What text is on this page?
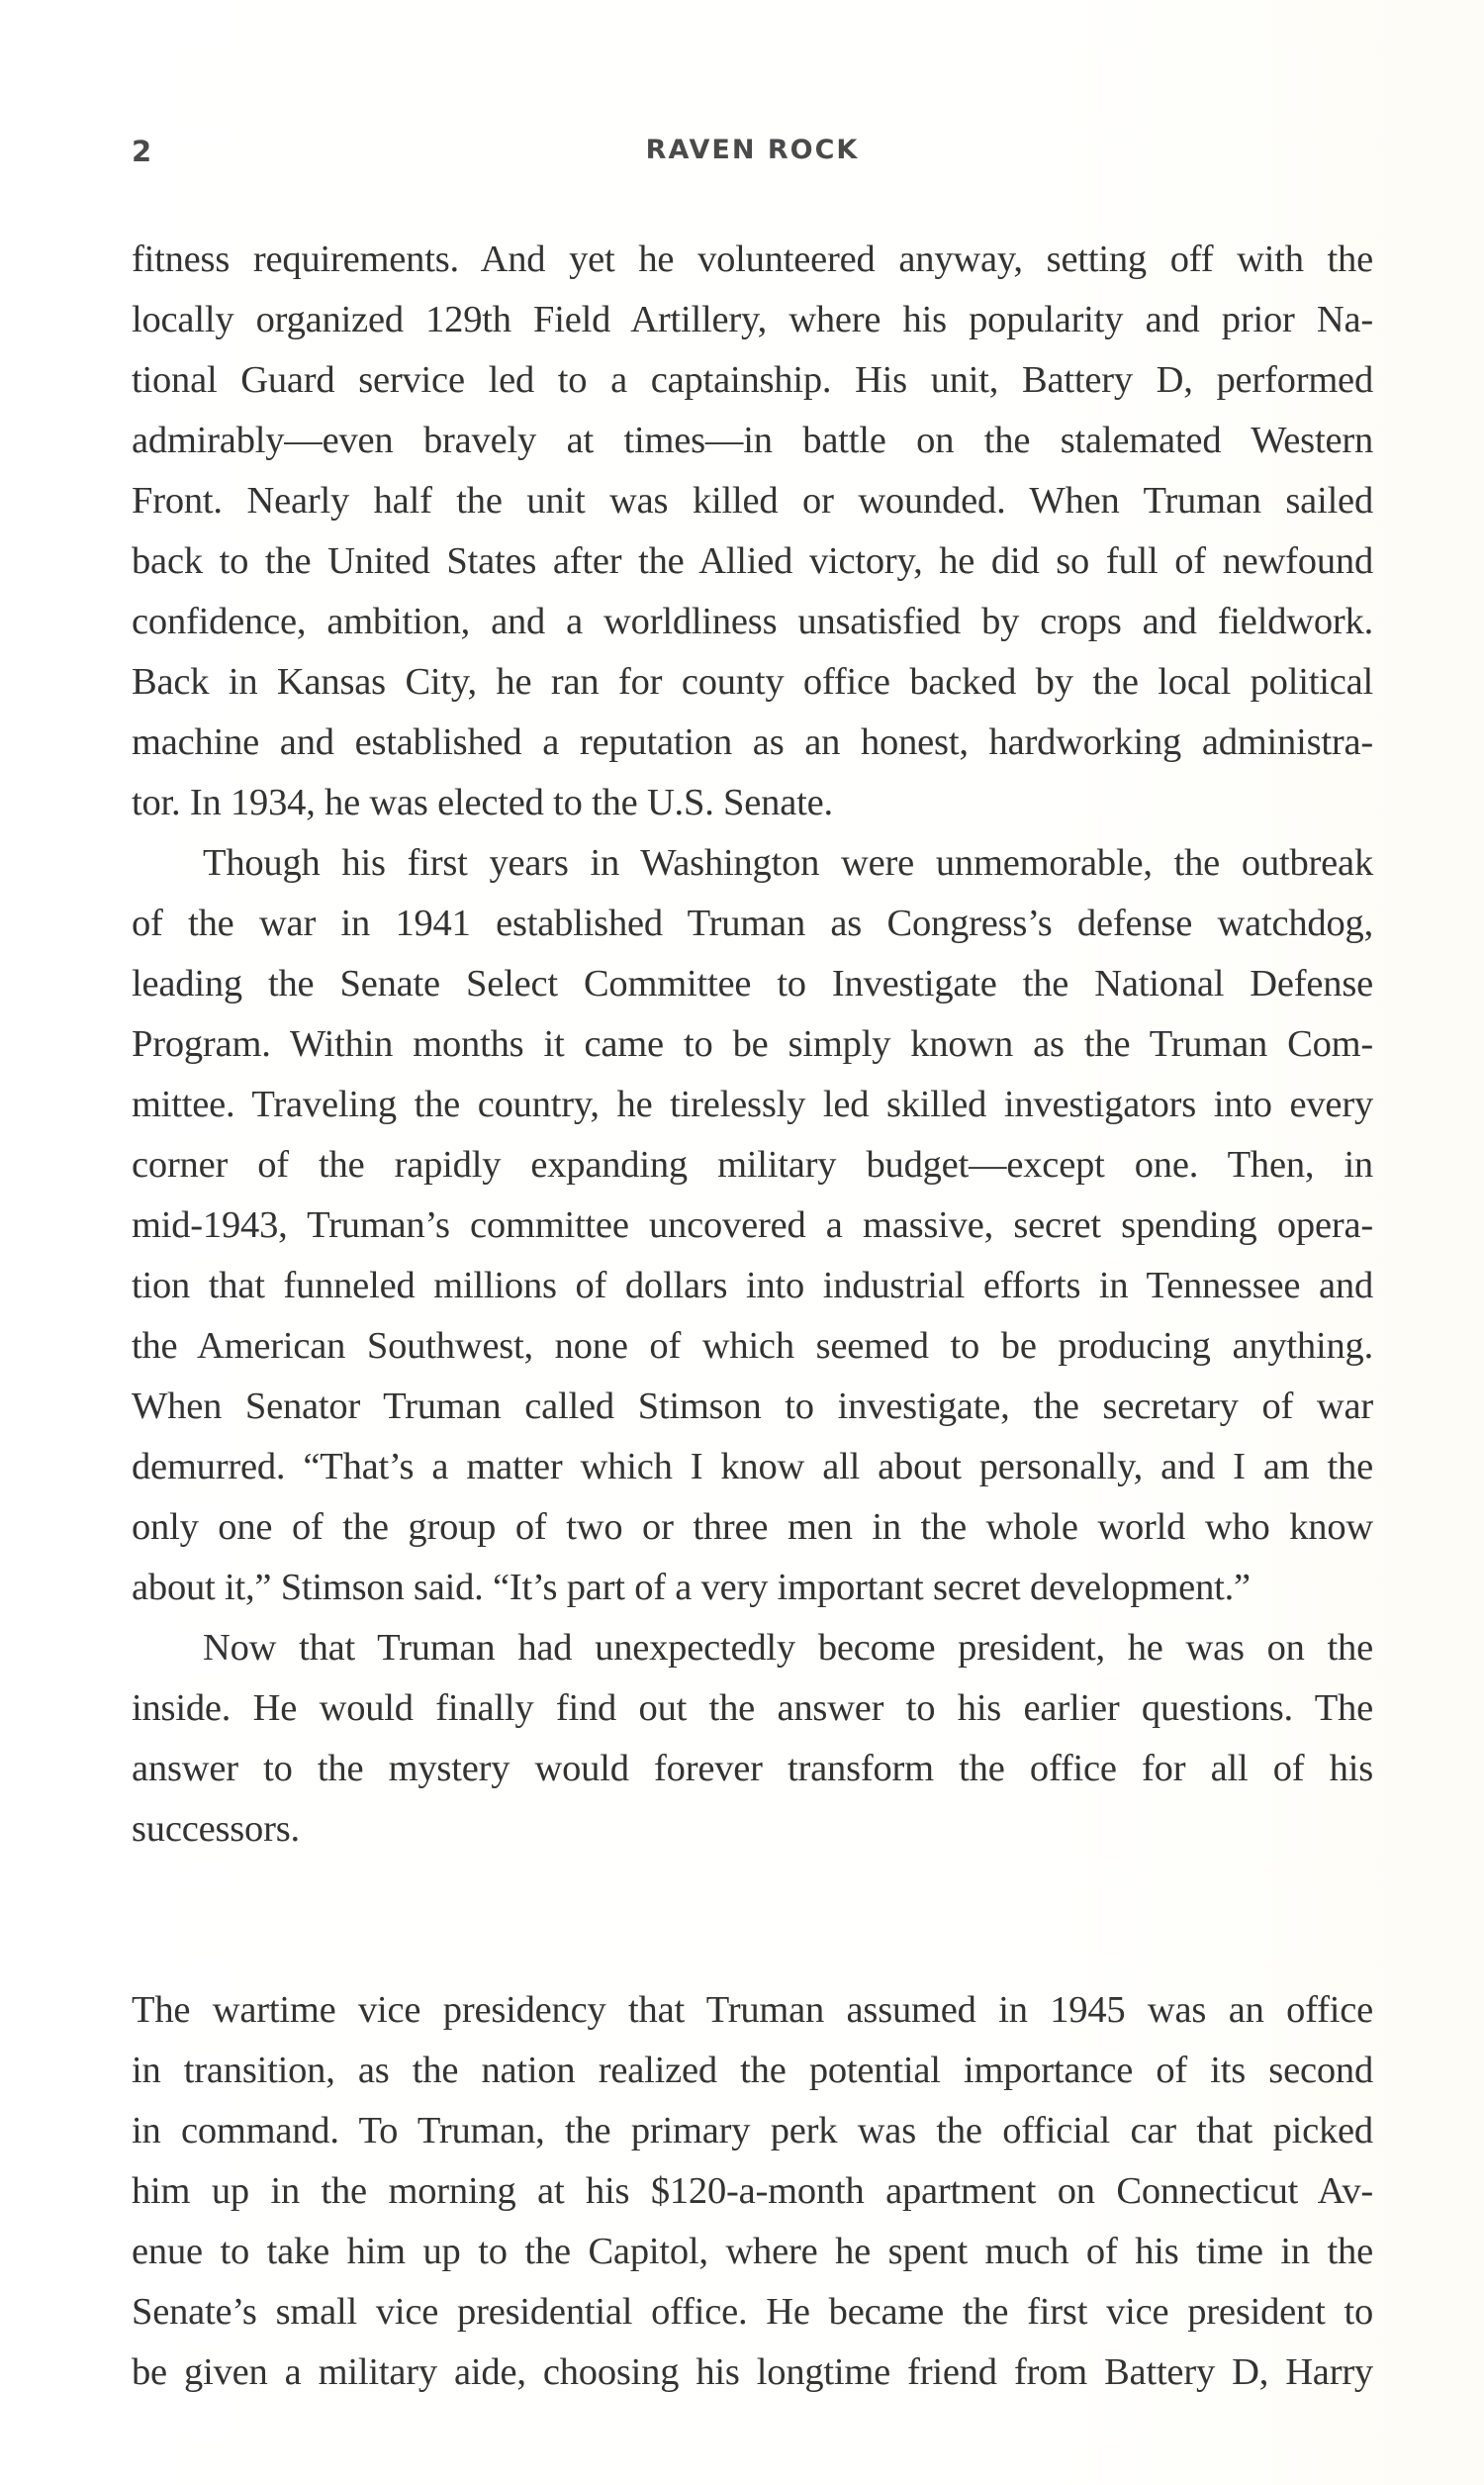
2	RAVEN ROCK

fitness requirements. And yet he volunteered anyway, setting off with the
locally organized 129th Field Artillery, where his popularity and prior Na-
tional Guard service led to a captainship. His unit, Battery D, performed
admirably—even bravely at times—in battle on the stalemated Western
Front. Nearly half the unit was killed or wounded. When Truman sailed
back to the United States after the Allied victory, he did so full of newfound
confidence, ambition, and a worldliness unsatisfied by crops and fieldwork.
Back in Kansas City, he ran for county office backed by the local political
machine and established a reputation as an honest, hardworking administra-
tor. In 1934, he was elected to the U.S. Senate.

Though his first years in Washington were unmemorable, the outbreak
of the war in 1941 established Truman as Congress’s defense watchdog,
leading the Senate Select Committee to Investigate the National Defense
Program. Within months it came to be simply known as the Truman Com-
mittee. Traveling the country, he tirelessly led skilled investigators into every
corner of the rapidly expanding military budget—except one. Then, in
mid-1943, Truman’s committee uncovered a massive, secret spending opera-
tion that funneled millions of dollars into industrial efforts in Tennessee and
the American Southwest, none of which seemed to be producing anything.
When Senator Truman called Stimson to investigate, the secretary of war
demurred. “That’s a matter which I know all about personally, and I am the
only one of the group of two or three men in the whole world who know
about it,” Stimson said. “It’s part of a very important secret development.”

Now that Truman had unexpectedly become president, he was on the
inside. He would finally find out the answer to his earlier questions. The
answer to the mystery would forever transform the office for all of his
successors.

The wartime vice presidency that Truman assumed in 1945 was an office
in transition, as the nation realized the potential importance of its second
in command. To Truman, the primary perk was the official car that picked
him up in the morning at his $120-a-month apartment on Connecticut Av-
enue to take him up to the Capitol, where he spent much of his time in the
Senate’s small vice presidential office. He became the first vice president to
be given a military aide, choosing his longtime friend from Battery D, Harry
